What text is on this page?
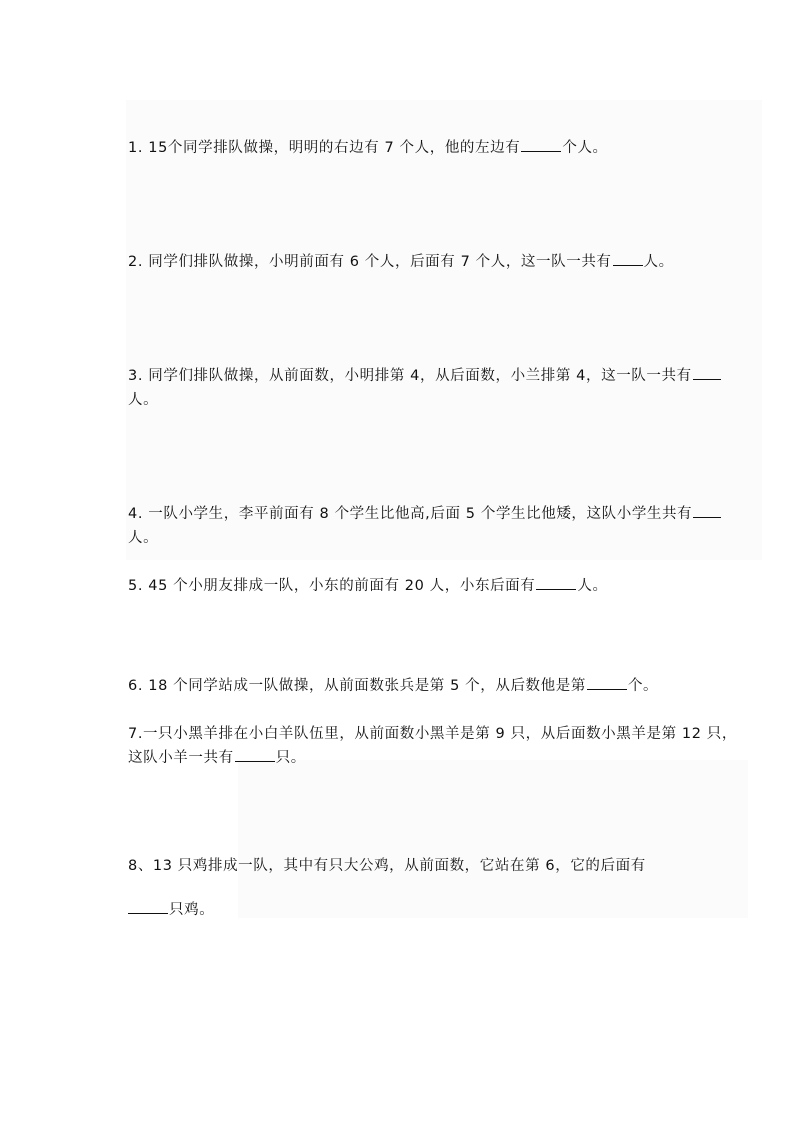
1. 15个同学排队做操，明明的右边有 7 个人，他的左边有	个人。
2. 同学们排队做操，小明前面有 6 个人，后面有 7 个人，这一队一共有 人。
3. 同学们排队做操，从前面数，小明排第 4，从后面数，小兰排第 4，这一队一共有
人。
4. 一队小学生，李平前面有 8 个学生比他高,后面 5 个学生比他矮，这队小学生共有
人。
5. 45 个小朋友排成一队，小东的前面有 20 人，小东后面有	人。
6. 18 个同学站成一队做操，从前面数张兵是第 5 个，从后数他是第	个。
7.一只小黑羊排在小白羊队伍里，从前面数小黑羊是第 9 只，从后面数小黑羊是第 12 只，
这队小羊一共有	只。
8、13 只鸡排成一队，其中有只大公鸡，从前面数，它站在第 6，它的后面有
只鸡。
